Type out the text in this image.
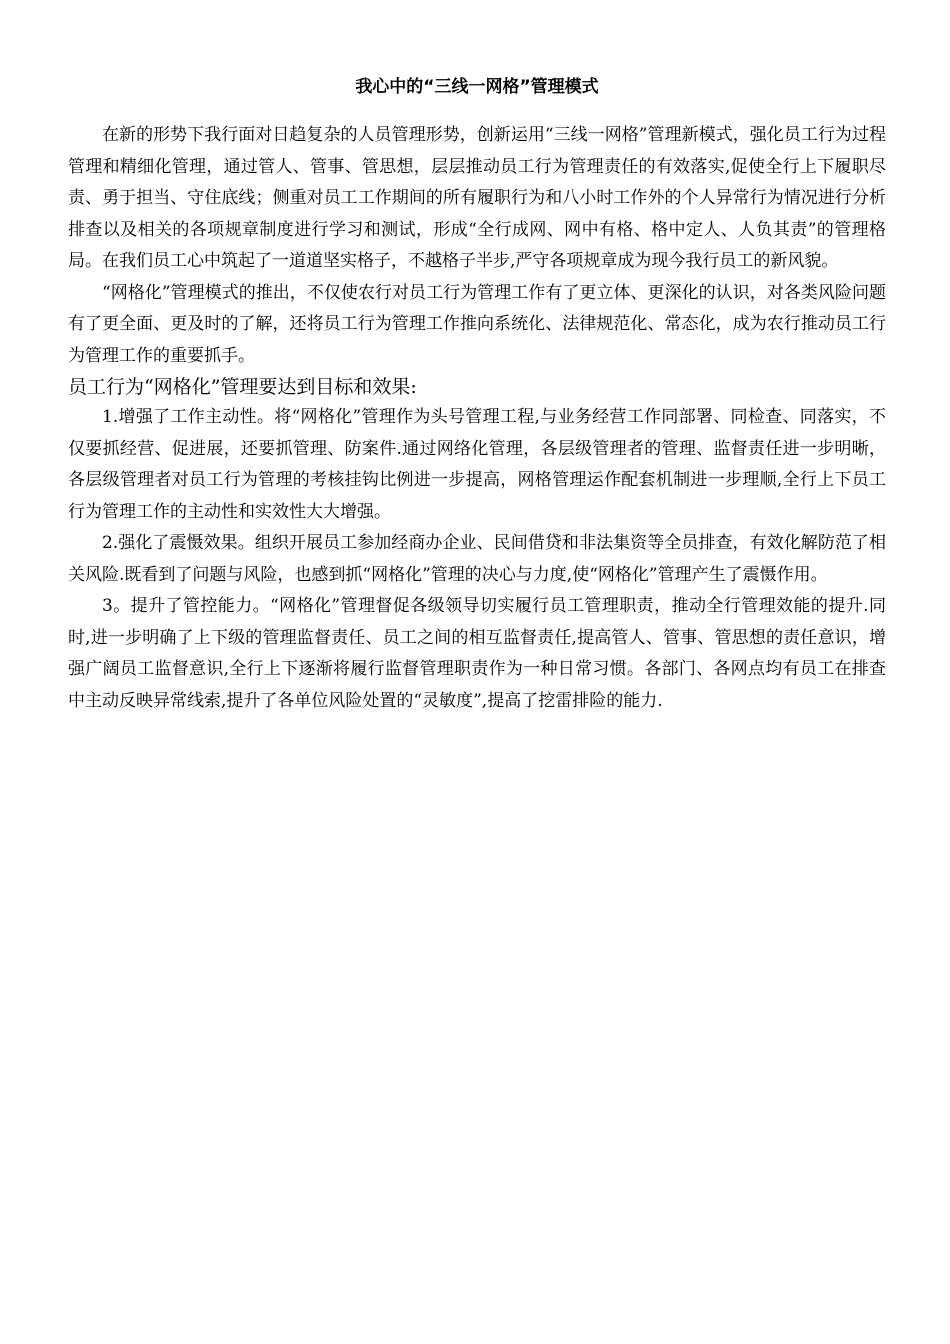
我心中的“三线一网格”管理模式

在新的形势下我行面对日趋复杂的人员管理形势，创新运用“三线一网格”管理新模式，强化员工行为过程管理和精细化管理，通过管人、管事、管思想，层层推动员工行为管理责任的有效落实,促使全行上下履职尽责、勇于担当、守住底线；侧重对员工工作期间的所有履职行为和八小时工作外的个人异常行为情况进行分析排查以及相关的各项规章制度进行学习和测试，形成“全行成网、网中有格、格中定人、人负其责”的管理格局。在我们员工心中筑起了一道道坚实格子，不越格子半步,严守各项规章成为现今我行员工的新风貌。

“网格化”管理模式的推出，不仅使农行对员工行为管理工作有了更立体、更深化的认识，对各类风险问题有了更全面、更及时的了解，还将员工行为管理工作推向系统化、法律规范化、常态化，成为农行推动员工行为管理工作的重要抓手。

员工行为“网格化”管理要达到目标和效果:

1.增强了工作主动性。将“网格化”管理作为头号管理工程,与业务经营工作同部署、同检查、同落实，不仅要抓经营、促进展，还要抓管理、防案件.通过网络化管理，各层级管理者的管理、监督责任进一步明晰，各层级管理者对员工行为管理的考核挂钩比例进一步提高，网格管理运作配套机制进一步理顺,全行上下员工行为管理工作的主动性和实效性大大增强。

2.强化了震慑效果。组织开展员工参加经商办企业、民间借贷和非法集资等全员排查，有效化解防范了相关风险.既看到了问题与风险，也感到抓“网格化”管理的决心与力度,使“网格化”管理产生了震慑作用。

3。提升了管控能力。“网格化”管理督促各级领导切实履行员工管理职责，推动全行管理效能的提升.同时,进一步明确了上下级的管理监督责任、员工之间的相互监督责任,提高管人、管事、管思想的责任意识，增强广阔员工监督意识,全行上下逐渐将履行监督管理职责作为一种日常习惯。各部门、各网点均有员工在排查中主动反映异常线索,提升了各单位风险处置的“灵敏度”,提高了挖雷排险的能力.
